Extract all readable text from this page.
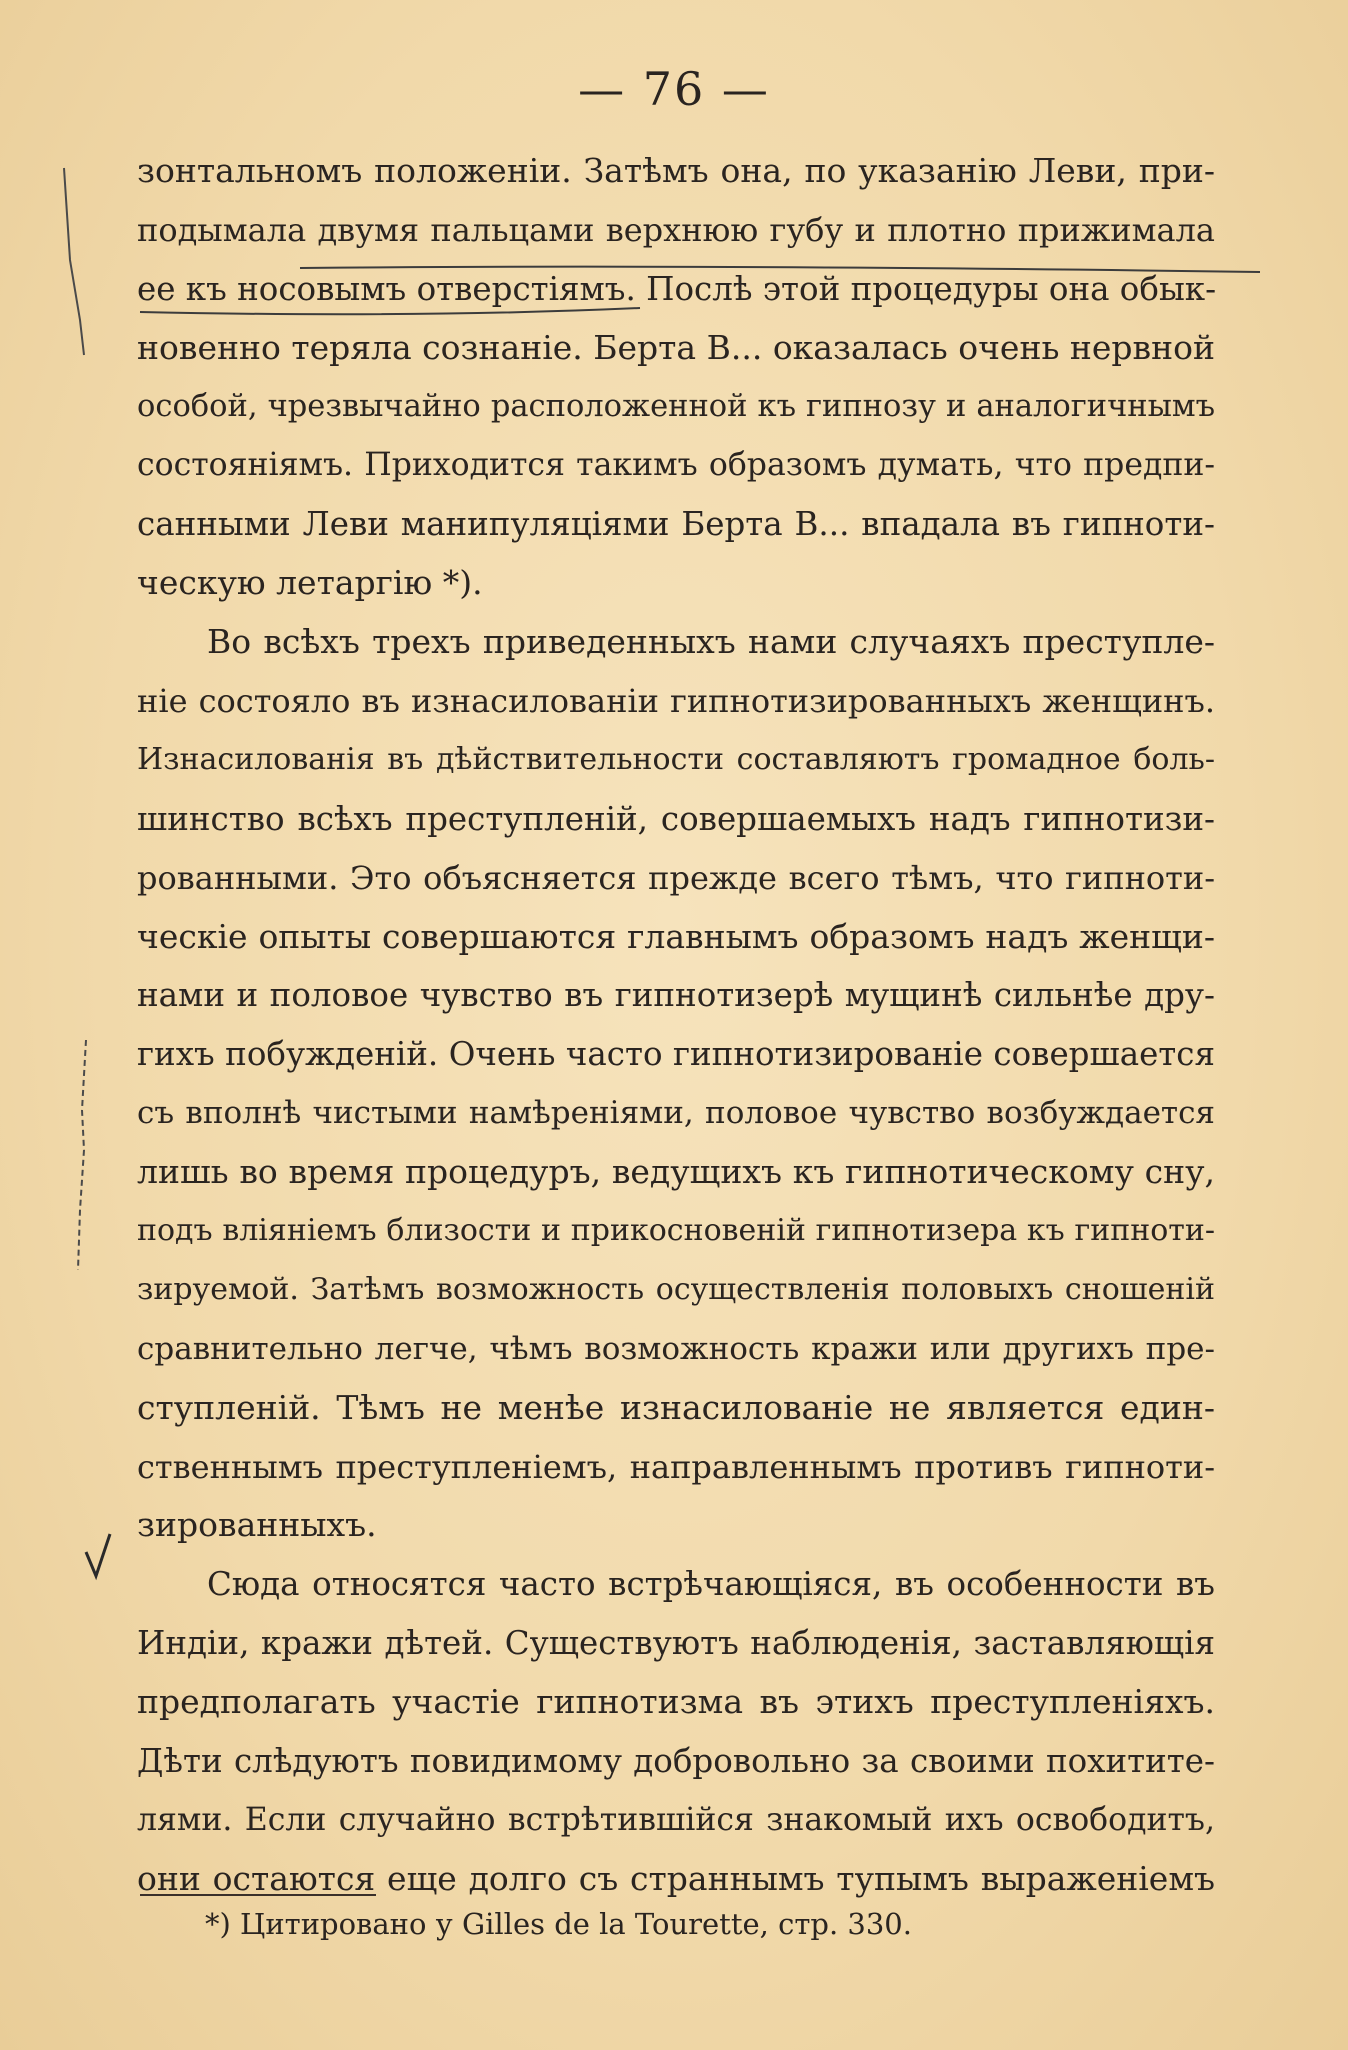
— 76 —
зонтальномъ положеніи. Затѣмъ она, по указанію Леви, при-
подымала двумя пальцами верхнюю губу и плотно прижимала
ее къ носовымъ отверстіямъ. Послѣ этой процедуры она обык-
новенно теряла сознаніе. Берта В... оказалась очень нервной
особой, чрезвычайно расположенной къ гипнозу и аналогичнымъ
состояніямъ. Приходится такимъ образомъ думать, что предпи-
санными Леви манипуляціями Берта В... впадала въ гипноти-
ческую летаргію *).
Во всѣхъ трехъ приведенныхъ нами случаяхъ преступле-
ніе состояло въ изнасилованіи гипнотизированныхъ женщинъ.
Изнасилованія въ дѣйствительности составляютъ громадное боль-
шинство всѣхъ преступленій, совершаемыхъ надъ гипнотизи-
рованными. Это объясняется прежде всего тѣмъ, что гипноти-
ческіе опыты совершаются главнымъ образомъ надъ женщи-
нами и половое чувство въ гипнотизерѣ мущинѣ сильнѣе дру-
гихъ побужденій. Очень часто гипнотизированіе совершается
съ вполнѣ чистыми намѣреніями, половое чувство возбуждается
лишь во время процедуръ, ведущихъ къ гипнотическому сну,
подъ вліяніемъ близости и прикосновеній гипнотизера къ гипноти-
зируемой. Затѣмъ возможность осуществленія половыхъ сношеній
сравнительно легче, чѣмъ возможность кражи или другихъ пре-
ступленій. Тѣмъ не менѣе изнасилованіе не является един-
ственнымъ преступленіемъ, направленнымъ противъ гипноти-
зированныхъ.
Сюда относятся часто встрѣчающіяся, въ особенности въ
Индіи, кражи дѣтей. Существуютъ наблюденія, заставляющія
предполагать участіе гипнотизма въ этихъ преступленіяхъ.
Дѣти слѣдуютъ повидимому добровольно за своими похитите-
лями. Если случайно встрѣтившійся знакомый ихъ освободитъ,
они остаются еще долго съ страннымъ тупымъ выраженіемъ
*) Цитировано у Gilles de la Tourette, стр. 330.
